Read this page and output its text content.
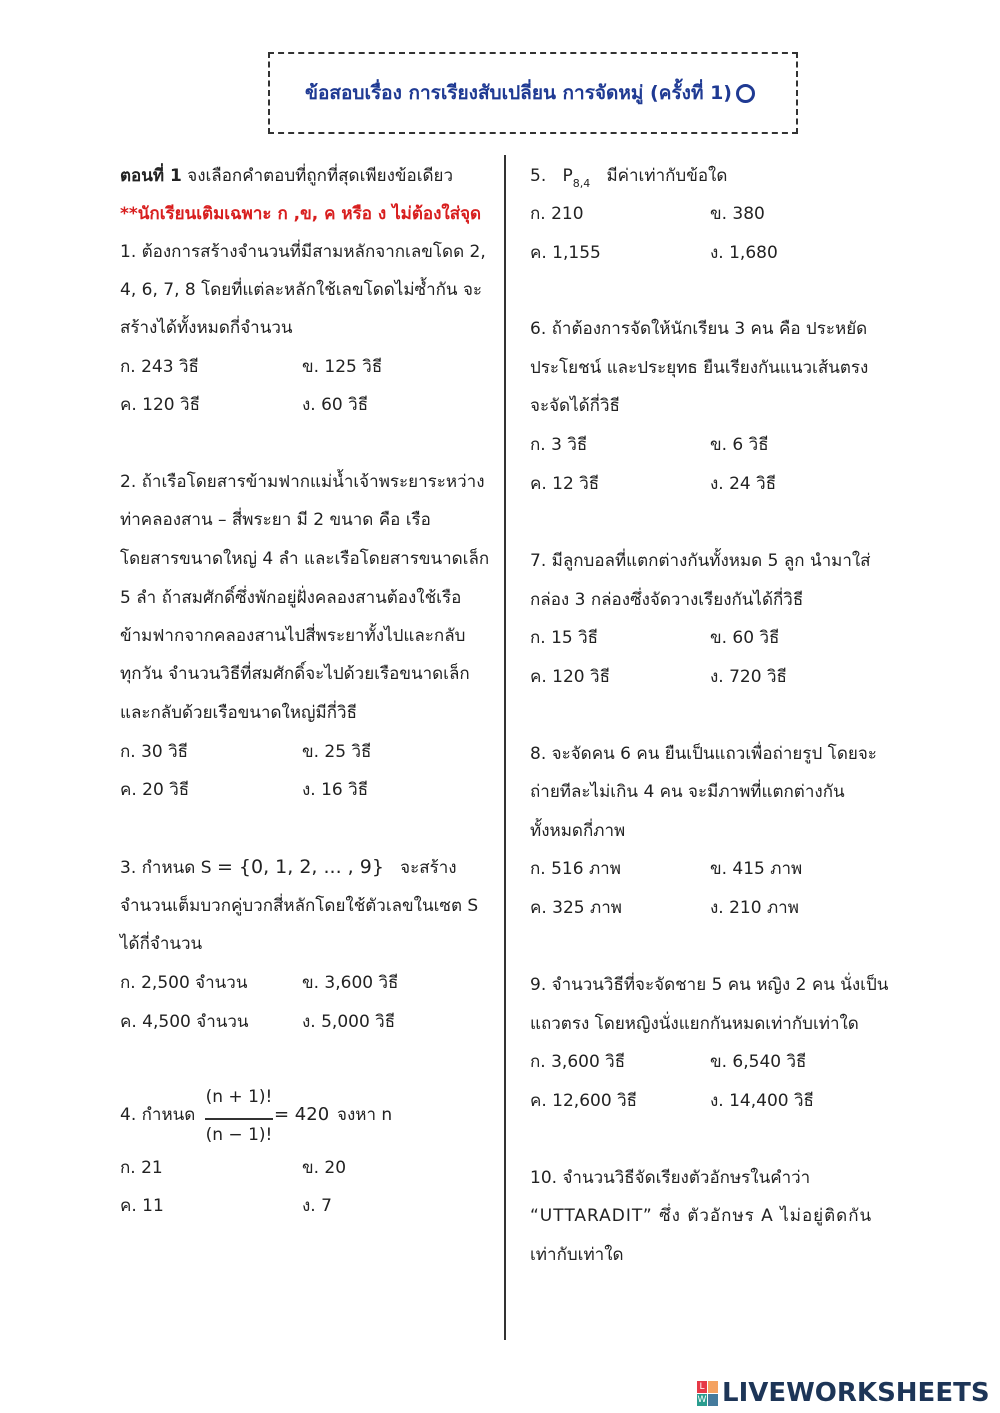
ข้อสอบเรื่อง การเรียงสับเปลี่ยน การจัดหมู่ (ครั้งที่ 1)
ตอนที่ 1 จงเลือกคำตอบที่ถูกที่สุดเพียงข้อเดียว
**นักเรียนเติมเฉพาะ ก ,ข, ค หรือ ง ไม่ต้องใส่จุด
1. ต้องการสร้างจำนวนที่มีสามหลักจากเลขโดด 2,
4, 6, 7, 8 โดยที่แต่ละหลักใช้เลขโดดไม่ซ้ำกัน จะ
สร้างได้ทั้งหมดกี่จำนวน
ก. 243 วิธี	ข. 125 วิธี
ค. 120 วิธี	ง. 60 วิธี
2. ถ้าเรือโดยสารข้ามฟากแม่น้ำเจ้าพระยาระหว่าง
ท่าคลองสาน – สี่พระยา มี 2 ขนาด คือ เรือ
โดยสารขนาดใหญ่ 4 ลำ และเรือโดยสารขนาดเล็ก
5 ลำ ถ้าสมศักดิ์ซึ่งพักอยู่ฝั่งคลองสานต้องใช้เรือ
ข้ามฟากจากคลองสานไปสี่พระยาทั้งไปและกลับ
ทุกวัน จำนวนวิธีที่สมศักดิ์จะไปด้วยเรือขนาดเล็ก
และกลับด้วยเรือขนาดใหญ่มีกี่วิธี
ก. 30 วิธี	ข. 25 วิธี
ค. 20 วิธี	ง. 16 วิธี
3. กำหนด S = {0, 1, 2, ... , 9} จะสร้าง
จำนวนเต็มบวกคู่บวกสี่หลักโดยใช้ตัวเลขในเซต S
ได้กี่จำนวน
ก. 2,500 จำนวน	ข. 3,600 วิธี
ค. 4,500 จำนวน	ง. 5,000 วิธี
4. กำหนด
(n + 1)!
(n − 1)!
= 420 จงหา n
ก. 21	ข. 20
ค. 11	ง. 7
5. $P_{8,4}$ มีค่าเท่ากับข้อใด
ก. 210	ข. 380
ค. 1,155	ง. 1,680
6. ถ้าต้องการจัดให้นักเรียน 3 คน คือ ประหยัด
ประโยชน์ และประยุทธ ยืนเรียงกันแนวเส้นตรง
จะจัดได้กี่วิธี
ก. 3 วิธี	ข. 6 วิธี
ค. 12 วิธี	ง. 24 วิธี
7. มีลูกบอลที่แตกต่างกันทั้งหมด 5 ลูก นำมาใส่
กล่อง 3 กล่องซึ่งจัดวางเรียงกันได้กี่วิธี
ก. 15 วิธี	ข. 60 วิธี
ค. 120 วิธี	ง. 720 วิธี
8. จะจัดคน 6 คน ยืนเป็นแถวเพื่อถ่ายรูป โดยจะ
ถ่ายทีละไม่เกิน 4 คน จะมีภาพที่แตกต่างกัน
ทั้งหมดกี่ภาพ
ก. 516 ภาพ	ข. 415 ภาพ
ค. 325 ภาพ	ง. 210 ภาพ
9. จำนวนวิธีที่จะจัดชาย 5 คน หญิง 2 คน นั่งเป็น
แถวตรง โดยหญิงนั่งแยกกันหมดเท่ากับเท่าใด
ก. 3,600 วิธี	ข. 6,540 วิธี
ค. 12,600 วิธี	ง. 14,400 วิธี
10. จำนวนวิธีจัดเรียงตัวอักษรในคำว่า
“UTTARADIT” ซึ่ง ตัวอักษร A ไม่อยู่ติดกัน
เท่ากับเท่าใด
L
W LIVEWORKSHEETS
